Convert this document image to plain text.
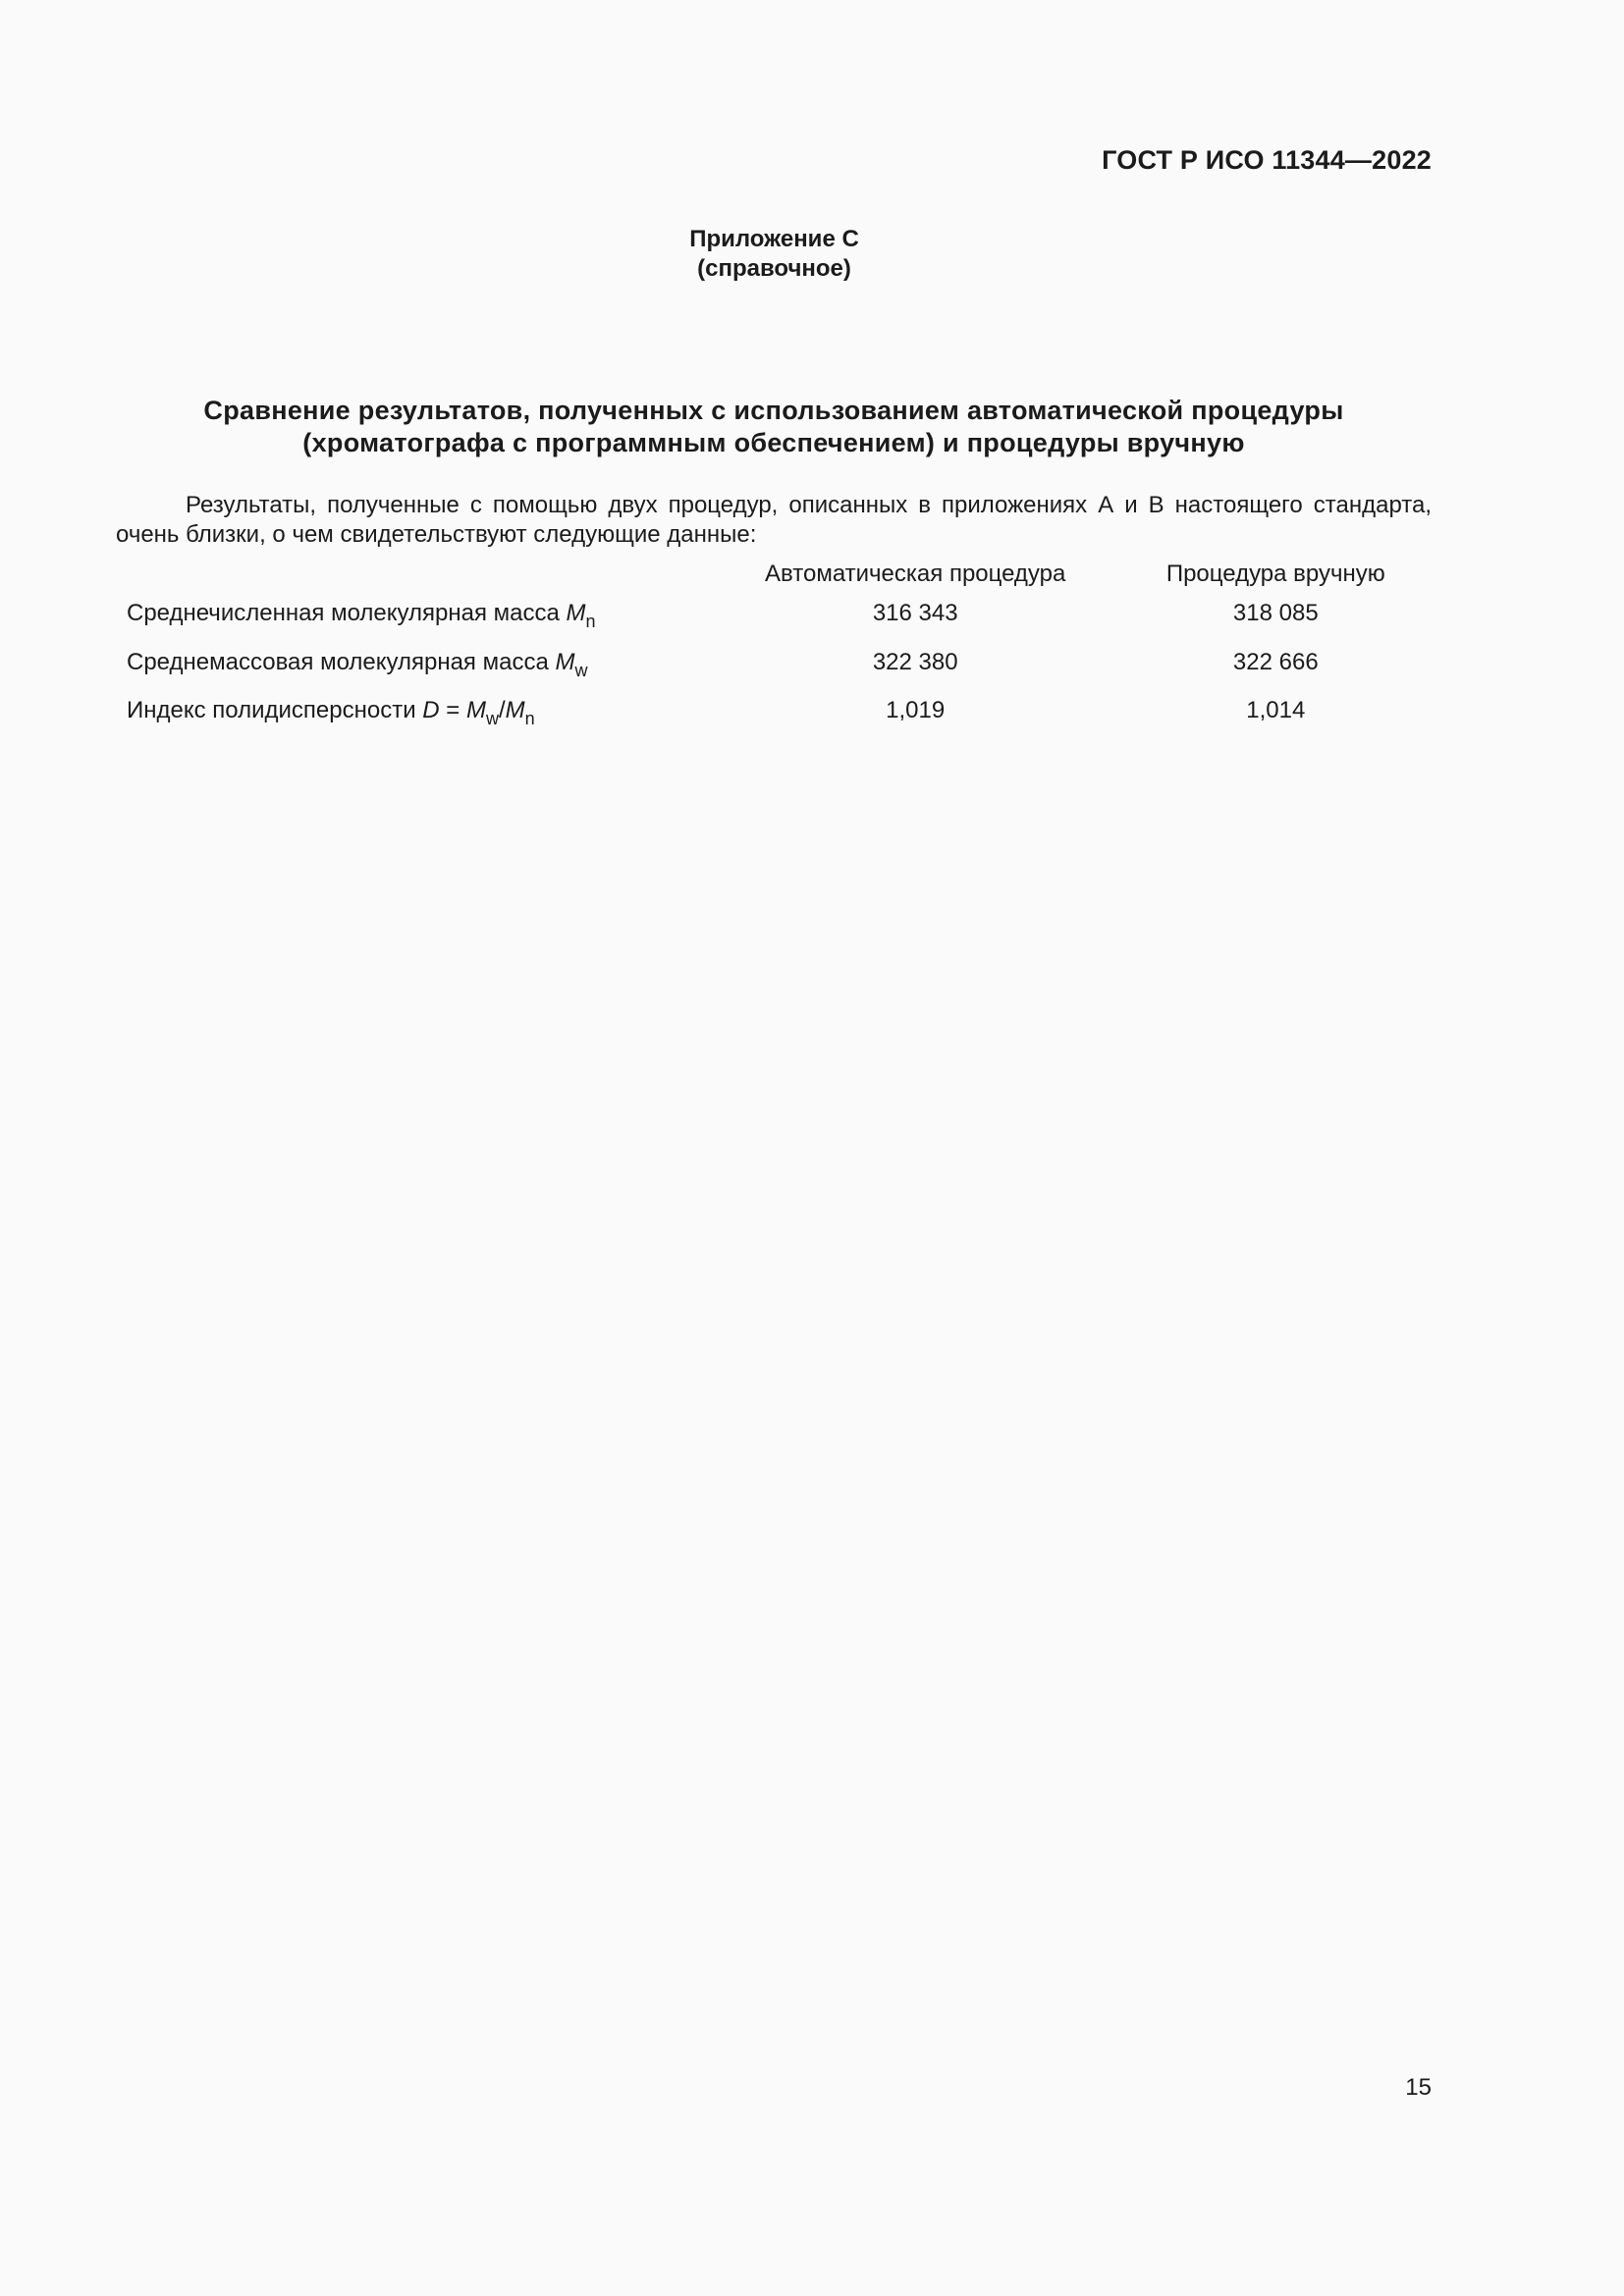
ГОСТ Р ИСО 11344—2022
Приложение С
(справочное)
Сравнение результатов, полученных с использованием автоматической процедуры
(хроматографа с программным обеспечением) и процедуры вручную
Результаты, полученные с помощью двух процедур, описанных в приложениях А и В настоящего стандарта, очень близки, о чем свидетельствуют следующие данные:
	Автоматическая процедура	Процедура вручную
Среднечисленная молекулярная масса $M_n$	316 343	318 085
Среднемассовая молекулярная масса $M_w$	322 380	322 666
Индекс полидисперсности $D = M_w/M_n$	1,019	1,014
15
